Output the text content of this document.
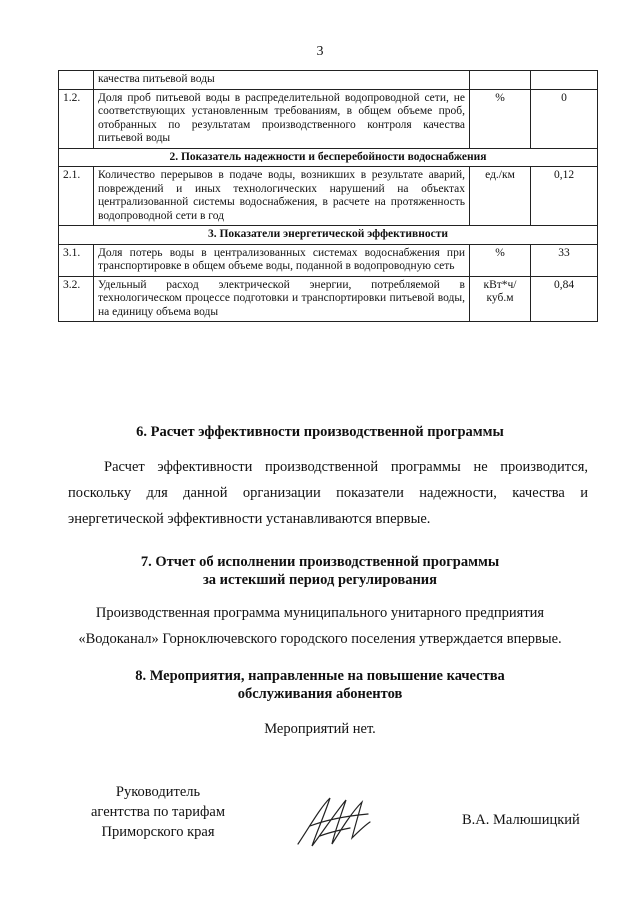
3
	качества питьевой воды		
1.2.	Доля проб питьевой воды в распределительной водопроводной сети, не соответствующих установленным требованиям, в общем объеме проб, отобранных по результатам производственного контроля качества питьевой воды	%	0
2. Показатель надежности и бесперебойности водоснабжения			
2.1.	Количество перерывов в подаче воды, возникших в результате аварий, повреждений и иных технологических нарушений на объектах централизованной системы водоснабжения, в расчете на протяженность водопроводной сети в год	ед./км	0,12
3. Показатели энергетической эффективности			
3.1.	Доля потерь воды в централизованных системах водоснабжения при транспортировке в общем объеме воды, поданной в водопроводную сеть	%	33
3.2.	Удельный расход электрической энергии, потребляемой в технологическом процессе подготовки и транспортировки питьевой воды, на единицу объема воды	кВт*ч/ куб.м	0,84
6. Расчет эффективности производственной программы
Расчет эффективности производственной программы не производится, поскольку для данной организации показатели надежности, качества и энергетической эффективности устанавливаются впервые.
7. Отчет об исполнении производственной программы
за истекший период регулирования
Производственная программа муниципального унитарного предприятия
«Водоканал» Горноключевского городского поселения утверждается впервые.
8. Мероприятия, направленные на повышение качества
обслуживания абонентов
Мероприятий нет.
Руководитель
агентства по тарифам
Приморского края
В.А. Малюшицкий
